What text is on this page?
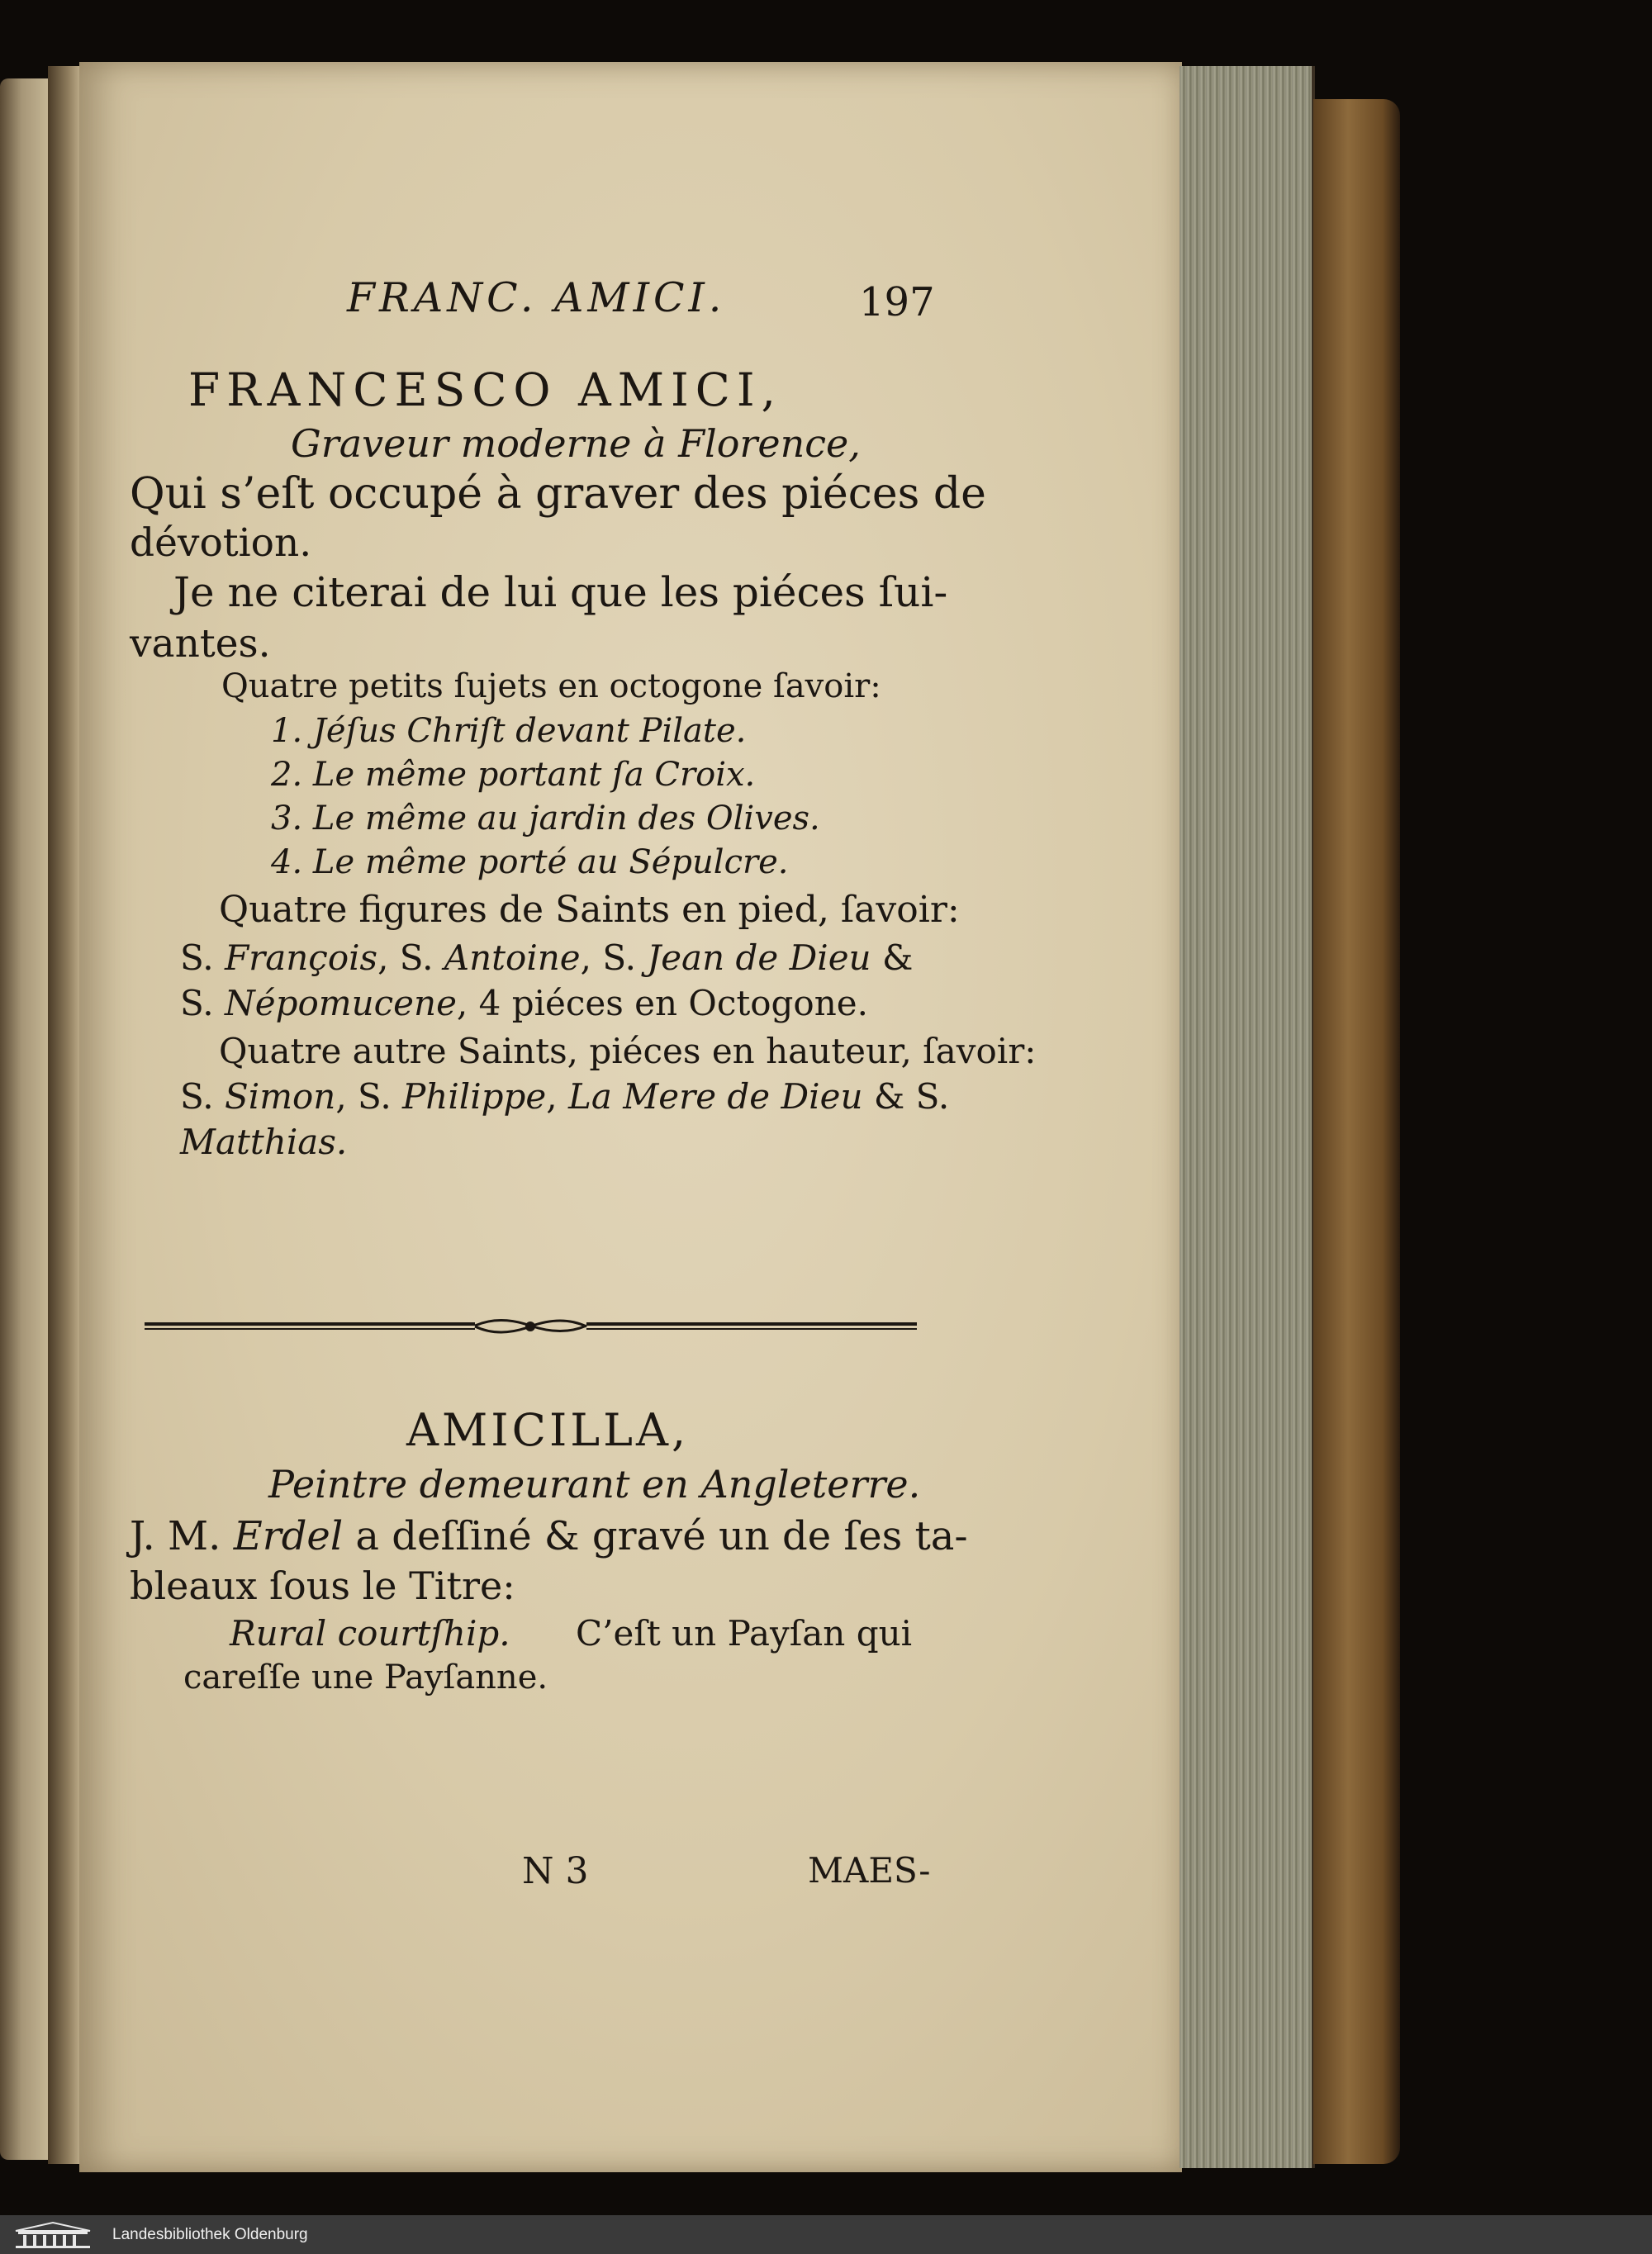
FRANC. AMICI.	197
FRANCESCO AMICI,
Graveur moderne à Florence,
Qui s’eſt occupé à graver des piéces de
dévotion.
Je ne citerai de lui que les piéces ſui-
vantes.
Quatre petits ſujets en octogone ſavoir:
1. Jéſus Chriſt devant Pilate.
2. Le même portant ſa Croix.
3. Le même au jardin des Olives.
4. Le même porté au Sépulcre.
Quatre figures de Saints en pied, ſavoir:
S. François, S. Antoine, S. Jean de Dieu &
S. Népomucene, 4 piéces en Octogone.
Quatre autre Saints, piéces en hauteur, ſavoir:
S. Simon, S. Philippe, La Mere de Dieu & S.
Matthias.
AMICILLA,
Peintre demeurant en Angleterre.
J. M. Erdel a deſſiné & gravé un de ſes ta-
bleaux ſous le Titre:
Rural courtſhip. C’eſt un Payſan qui
careſſe une Payſanne.
N 3	MAES-
Landesbibliothek Oldenburg
